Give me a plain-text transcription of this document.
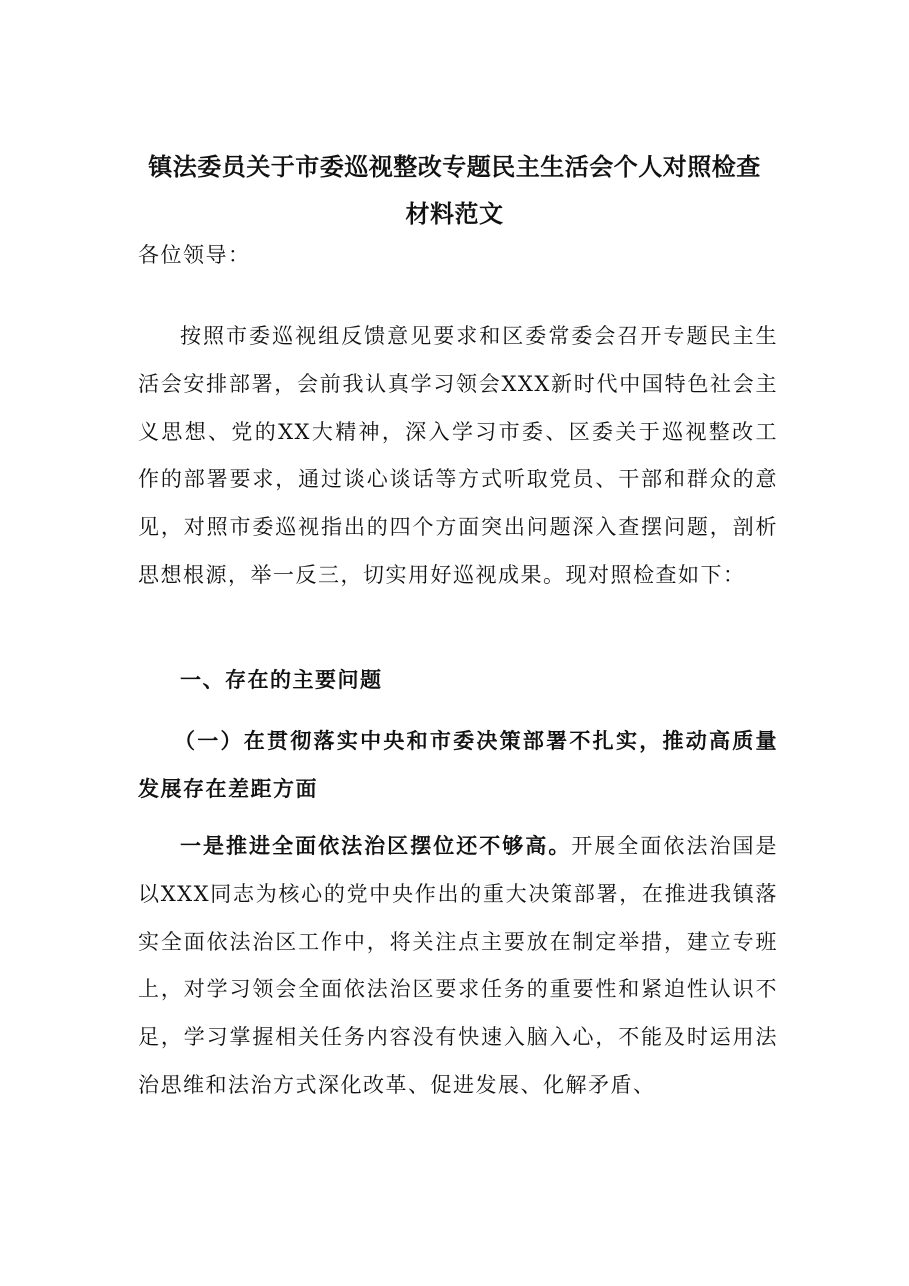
镇法委员关于市委巡视整改专题民主生活会个人对照检查
材料范文

各位领导：

按照市委巡视组反馈意见要求和区委常委会召开专题民主生活会安排部署，会前我认真学习领会XXX新时代中国特色社会主义思想、党的XX大精神，深入学习市委、区委关于巡视整改工作的部署要求，通过谈心谈话等方式听取党员、干部和群众的意见，对照市委巡视指出的四个方面突出问题深入查摆问题，剖析思想根源，举一反三，切实用好巡视成果。现对照检查如下：

一、存在的主要问题

（一）在贯彻落实中央和市委决策部署不扎实，推动高质量发展存在差距方面

一是推进全面依法治区摆位还不够高。开展全面依法治国是以XXX同志为核心的党中央作出的重大决策部署，在推进我镇落实全面依法治区工作中，将关注点主要放在制定举措，建立专班上，对学习领会全面依法治区要求任务的重要性和紧迫性认识不足，学习掌握相关任务内容没有快速入脑入心，不能及时运用法治思维和法治方式深化改革、促进发展、化解矛盾、
